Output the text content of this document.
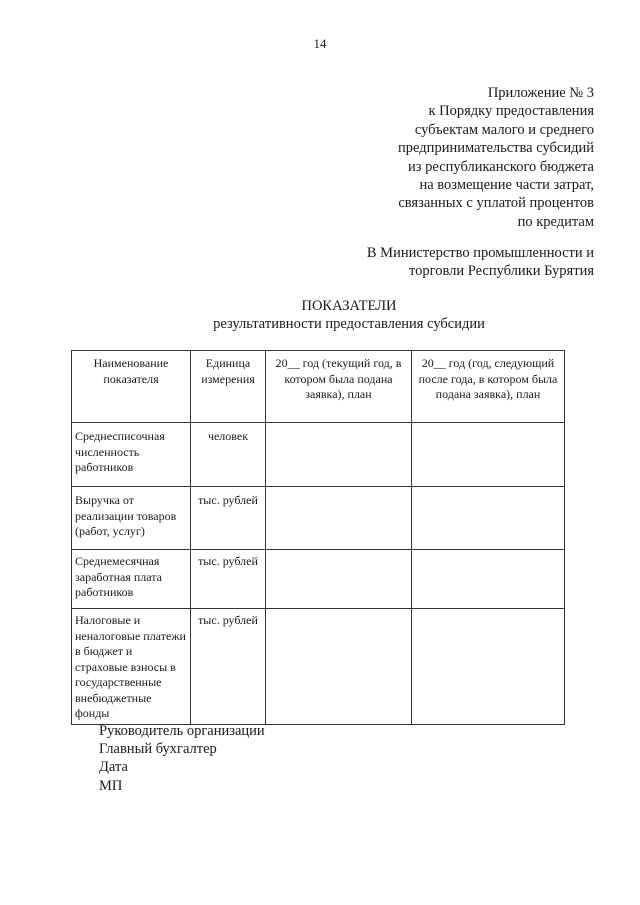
14
Приложение № 3
к Порядку предоставления
субъектам малого и среднего
предпринимательства субсидий
из республиканского бюджета
на возмещение части затрат,
связанных с уплатой процентов
по кредитам
В Министерство промышленности и
торговли Республики Бурятия
ПОКАЗАТЕЛИ
результативности предоставления субсидии
Наименование показателя	Единица измерения	20__ год (текущий год, в котором была подана заявка), план	20__ год (год, следующий после года, в котором была подана заявка), план
Среднесписочная численность работников	человек		
Выручка от реализации товаров (работ, услуг)	тыс. рублей		
Среднемесячная заработная плата работников	тыс. рублей		
Налоговые и неналоговые платежи в бюджет и страховые взносы в государственные внебюджетные фонды	тыс. рублей		
Руководитель организации
Главный бухгалтер
Дата
МП
